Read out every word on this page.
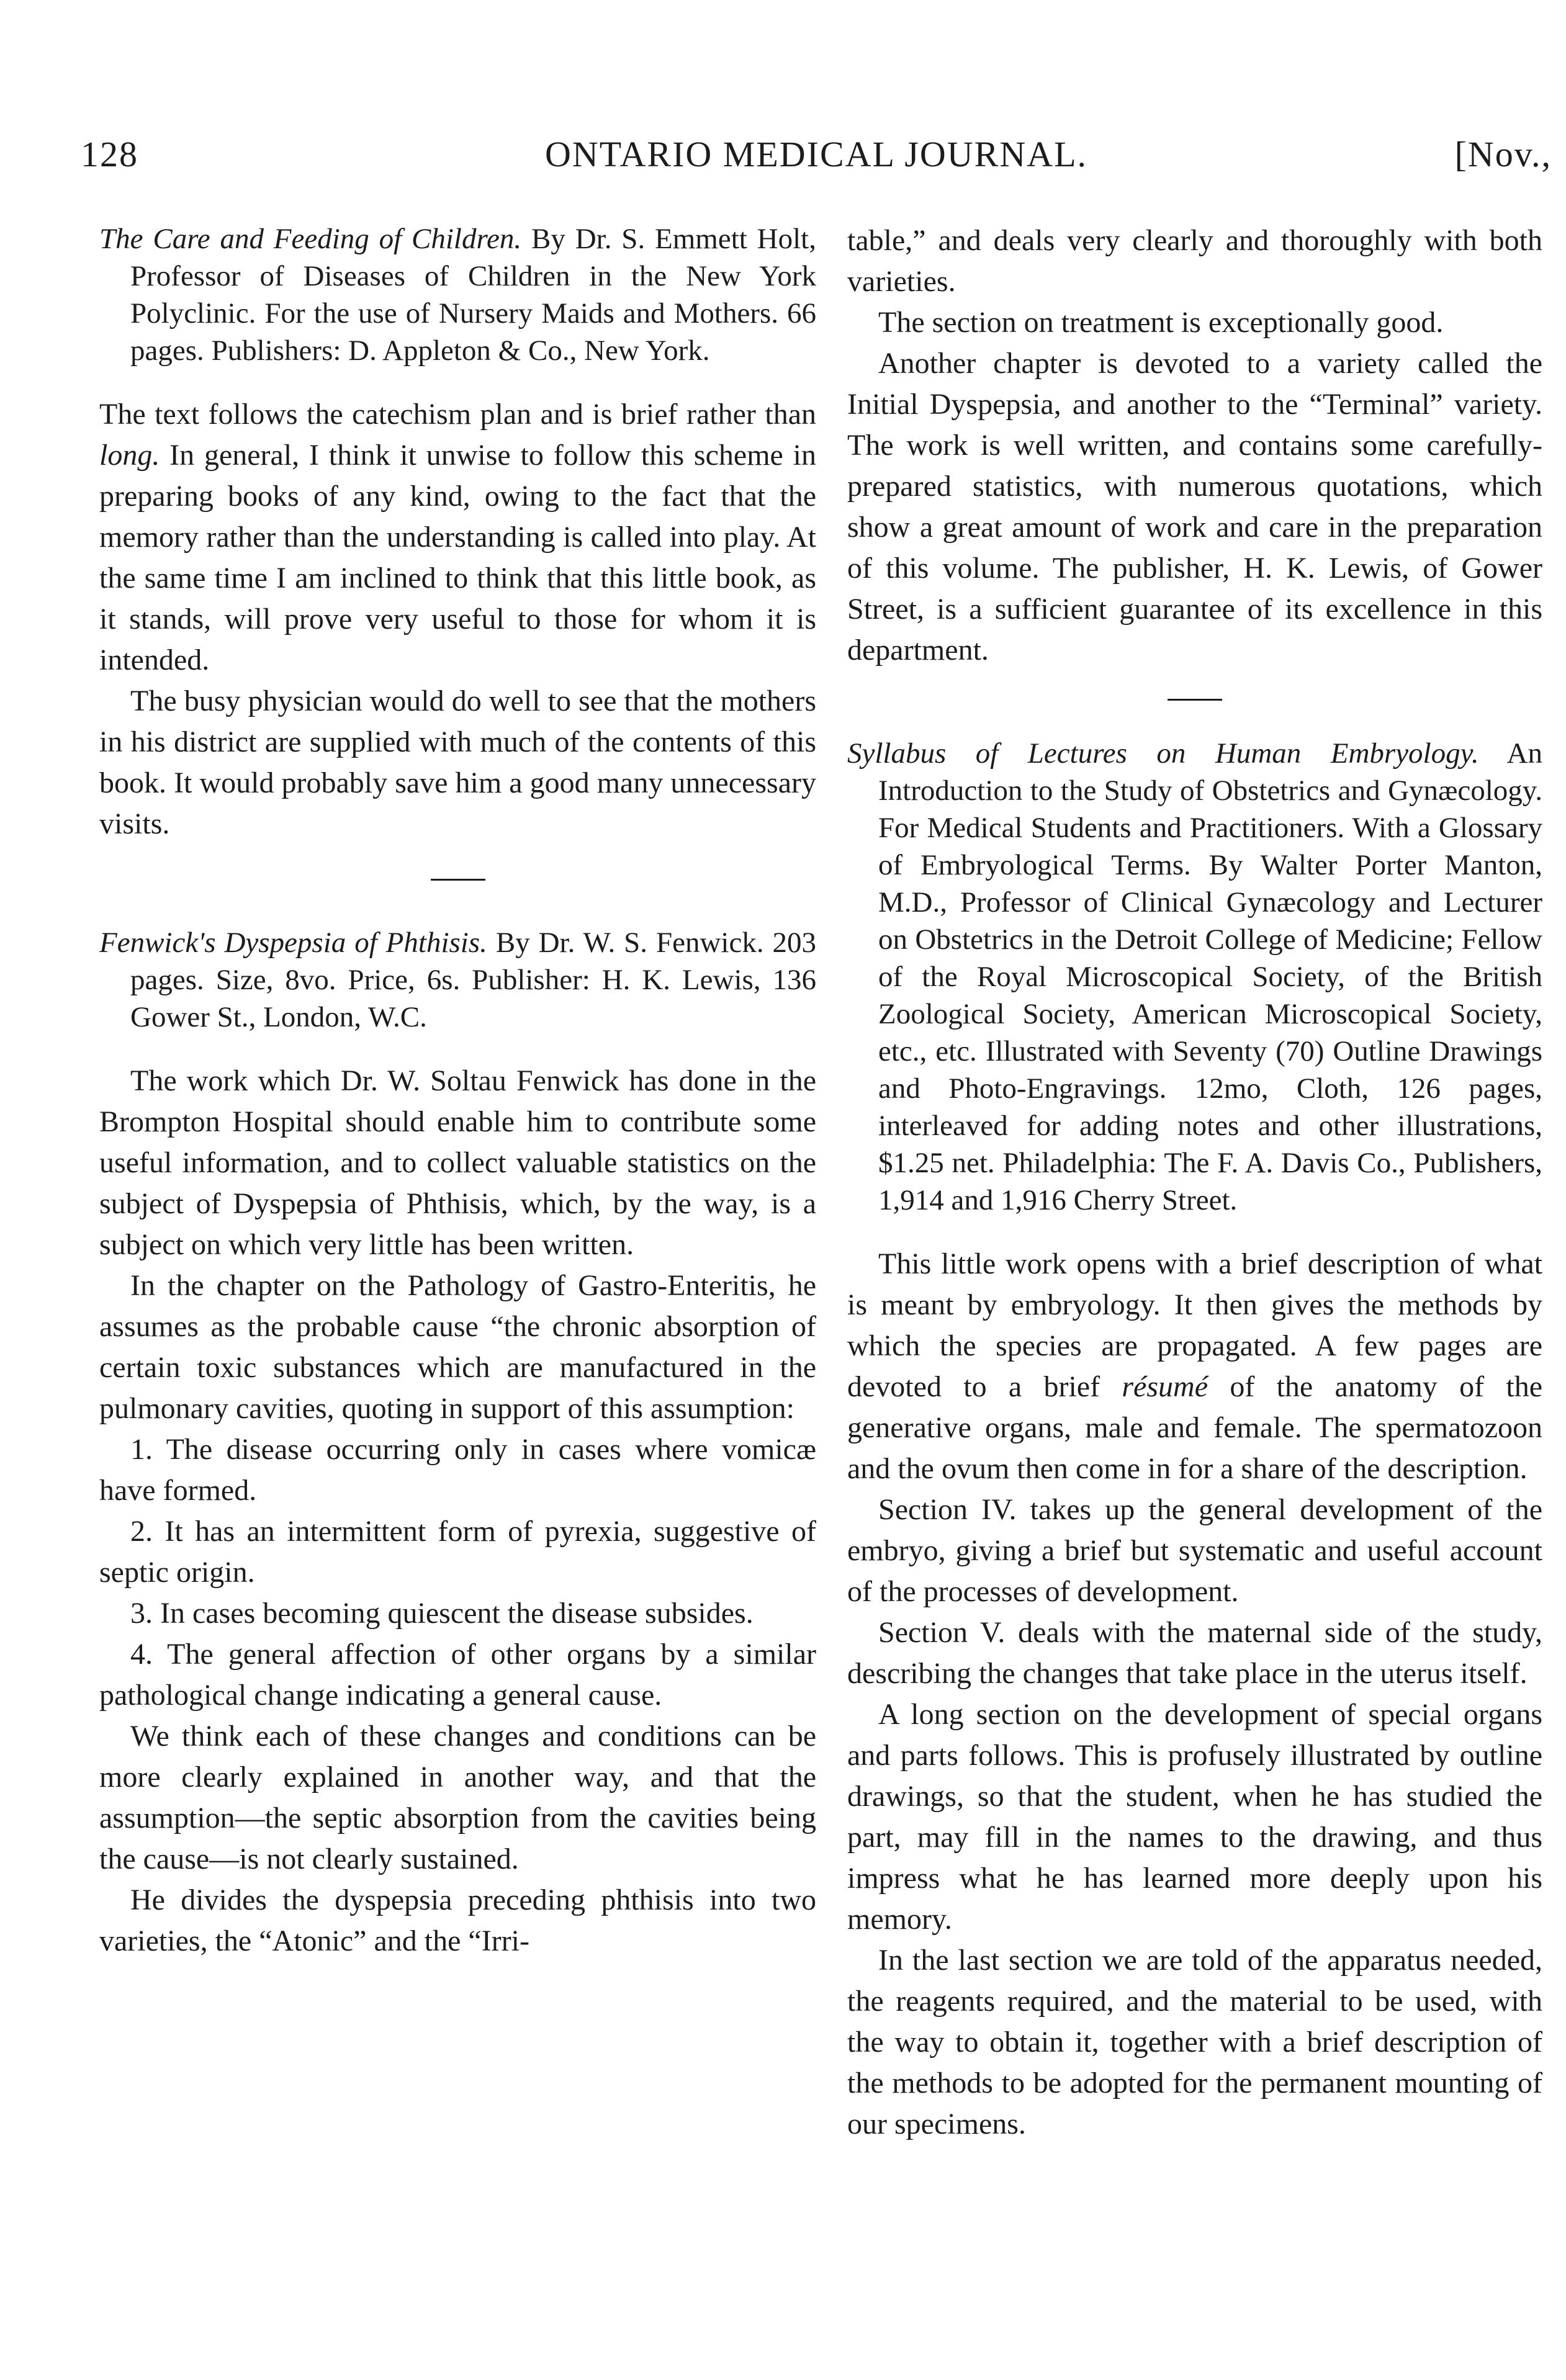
128	ONTARIO MEDICAL JOURNAL.	[Nov.,

The Care and Feeding of Children. By Dr. S. Emmett Holt, Professor of Diseases of Children in the New York Polyclinic. For the use of Nursery Maids and Mothers. 66 pages. Publishers: D. Appleton & Co., New York.

The text follows the catechism plan and is brief rather than long. In general, I think it unwise to follow this scheme in preparing books of any kind, owing to the fact that the memory rather than the understanding is called into play. At the same time I am inclined to think that this little book, as it stands, will prove very useful to those for whom it is intended.

The busy physician would do well to see that the mothers in his district are supplied with much of the contents of this book. It would probably save him a good many unnecessary visits.

Fenwick's Dyspepsia of Phthisis. By Dr. W. S. Fenwick. 203 pages. Size, 8vo. Price, 6s. Publisher: H. K. Lewis, 136 Gower St., London, W.C.

The work which Dr. W. Soltau Fenwick has done in the Brompton Hospital should enable him to contribute some useful information, and to collect valuable statistics on the subject of Dyspepsia of Phthisis, which, by the way, is a subject on which very little has been written.

In the chapter on the Pathology of Gastro-Enteritis, he assumes as the probable cause “the chronic absorption of certain toxic substances which are manufactured in the pulmonary cavities, quoting in support of this assumption:

1. The disease occurring only in cases where vomicæ have formed.

2. It has an intermittent form of pyrexia, suggestive of septic origin.

3. In cases becoming quiescent the disease subsides.

4. The general affection of other organs by a similar pathological change indicating a general cause.

We think each of these changes and conditions can be more clearly explained in another way, and that the assumption—the septic absorption from the cavities being the cause—is not clearly sustained.

He divides the dyspepsia preceding phthisis into two varieties, the “Atonic” and the “Irri-

table,” and deals very clearly and thoroughly with both varieties.

The section on treatment is exceptionally good.

Another chapter is devoted to a variety called the Initial Dyspepsia, and another to the “Terminal” variety. The work is well written, and contains some carefully-prepared statistics, with numerous quotations, which show a great amount of work and care in the preparation of this volume. The publisher, H. K. Lewis, of Gower Street, is a sufficient guarantee of its excellence in this department.

Syllabus of Lectures on Human Embryology. An Introduction to the Study of Obstetrics and Gynæcology. For Medical Students and Practitioners. With a Glossary of Embryological Terms. By Walter Porter Manton, M.D., Professor of Clinical Gynæcology and Lecturer on Obstetrics in the Detroit College of Medicine; Fellow of the Royal Microscopical Society, of the British Zoological Society, American Microscopical Society, etc., etc. Illustrated with Seventy (70) Outline Drawings and Photo-Engravings. 12mo, Cloth, 126 pages, interleaved for adding notes and other illustrations, $1.25 net. Philadelphia: The F. A. Davis Co., Publishers, 1,914 and 1,916 Cherry Street.

This little work opens with a brief description of what is meant by embryology. It then gives the methods by which the species are propagated. A few pages are devoted to a brief résumé of the anatomy of the generative organs, male and female. The spermatozoon and the ovum then come in for a share of the description.

Section IV. takes up the general development of the embryo, giving a brief but systematic and useful account of the processes of development.

Section V. deals with the maternal side of the study, describing the changes that take place in the uterus itself.

A long section on the development of special organs and parts follows. This is profusely illustrated by outline drawings, so that the student, when he has studied the part, may fill in the names to the drawing, and thus impress what he has learned more deeply upon his memory.

In the last section we are told of the apparatus needed, the reagents required, and the material to be used, with the way to obtain it, together with a brief description of the methods to be adopted for the permanent mounting of our specimens.
